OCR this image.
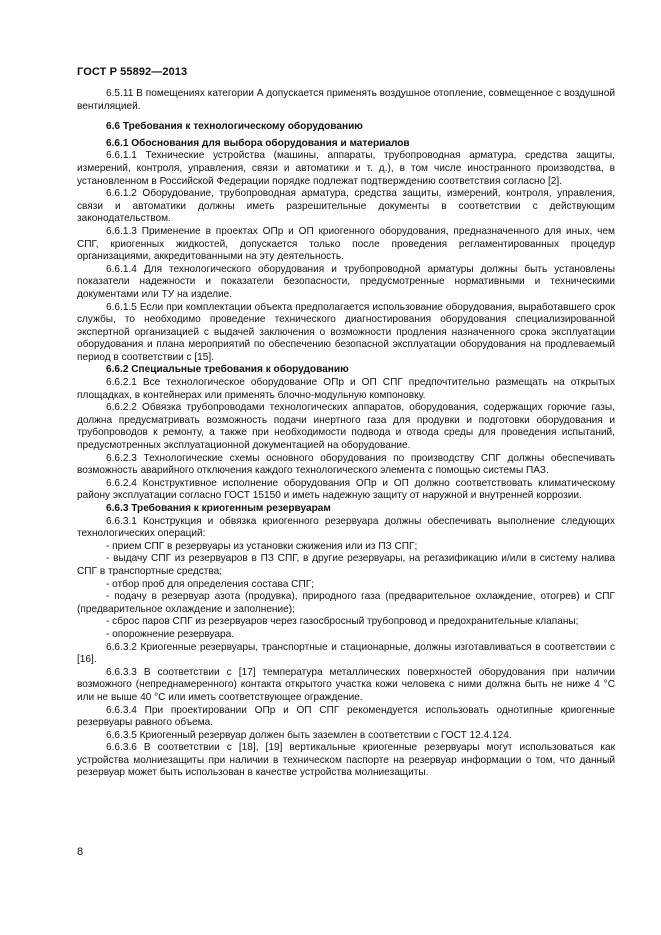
ГОСТ Р 55892—2013

6.5.11 В помещениях категории А допускается применять воздушное отопление, совмещенное с воздушной вентиляцией.

6.6 Требования к технологическому оборудованию

6.6.1 Обоснования для выбора оборудования и материалов

6.6.1.1 Технические устройства (машины, аппараты, трубопроводная арматура, средства защиты, измерений, контроля, управления, связи и автоматики и т. д.), в том числе иностранного производства, в установленном в Российской Федерации порядке подлежат подтверждению соответствия согласно [2].

6.6.1.2 Оборудование, трубопроводная арматура, средства защиты, измерений, контроля, управления, связи и автоматики должны иметь разрешительные документы в соответствии с действующим законодательством.

6.6.1.3 Применение в проектах ОПр и ОП криогенного оборудования, предназначенного для иных, чем СПГ, криогенных жидкостей, допускается только после проведения регламентированных процедур организациями, аккредитованными на эту деятельность.

6.6.1.4 Для технологического оборудования и трубопроводной арматуры должны быть установлены показатели надежности и показатели безопасности, предусмотренные нормативными и техническими документами или ТУ на изделие.

6.6.1.5 Если при комплектации объекта предполагается использование оборудования, выработавшего срок службы, то необходимо проведение технического диагностирования оборудования специализированной экспертной организацией с выдачей заключения о возможности продления назначенного срока эксплуатации оборудования и плана мероприятий по обеспечению безопасной эксплуатации оборудования на продлеваемый период в соответствии с [15].

6.6.2 Специальные требования к оборудованию

6.6.2.1 Все технологическое оборудование ОПр и ОП СПГ предпочтительно размещать на открытых площадках, в контейнерах или применять блочно-модульную компоновку.

6.6.2.2 Обвязка трубопроводами технологических аппаратов, оборудования, содержащих горючие газы, должна предусматривать возможность подачи инертного газа для продувки и подготовки оборудования и трубопроводов к ремонту, а также при необходимости подвода и отвода среды для проведения испытаний, предусмотренных эксплуатационной документацией на оборудование.

6.6.2.3 Технологические схемы основного оборудования по производству СПГ должны обеспечивать возможность аварийного отключения каждого технологического элемента с помощью системы ПАЗ.

6.6.2.4 Конструктивное исполнение оборудования ОПр и ОП должно соответствовать климатическому району эксплуатации согласно ГОСТ 15150 и иметь надежную защиту от наружной и внутренней коррозии.

6.6.3 Требования к криогенным резервуарам

6.6.3.1 Конструкция и обвязка криогенного резервуара должны обеспечивать выполнение следующих технологических операций:

- прием СПГ в резервуары из установки сжижения или из ПЗ СПГ;

- выдачу СПГ из резервуаров в ПЗ СПГ, в другие резервуары, на регазификацию и/или в систему налива СПГ в транспортные средства;

- отбор проб для определения состава СПГ;

- подачу в резервуар азота (продувка), природного газа (предварительное охлаждение, отогрев) и СПГ (предварительное охлаждение и заполнение);

- сброс паров СПГ из резервуаров через газосбросный трубопровод и предохранительные клапаны;

- опорожнение резервуара.

6.6.3.2 Криогенные резервуары, транспортные и стационарные, должны изготавливаться в соответствии с [16].

6.6.3.3 В соответствии с [17] температура металлических поверхностей оборудования при наличии возможного (непреднамеренного) контакта открытого участка кожи человека с ними должна быть не ниже 4 °С или не выше 40 °С или иметь соответствующее ограждение.

6.6.3.4 При проектировании ОПр и ОП СПГ рекомендуется использовать однотипные криогенные резервуары равного объема.

6.6.3.5 Криогенный резервуар должен быть заземлен в соответствии с ГОСТ 12.4.124.

6.6.3.6 В соответствии с [18], [19] вертикальные криогенные резервуары могут использоваться как устройства молниезащиты при наличии в техническом паспорте на резервуар информации о том, что данный резервуар может быть использован в качестве устройства молниезащиты.

8
